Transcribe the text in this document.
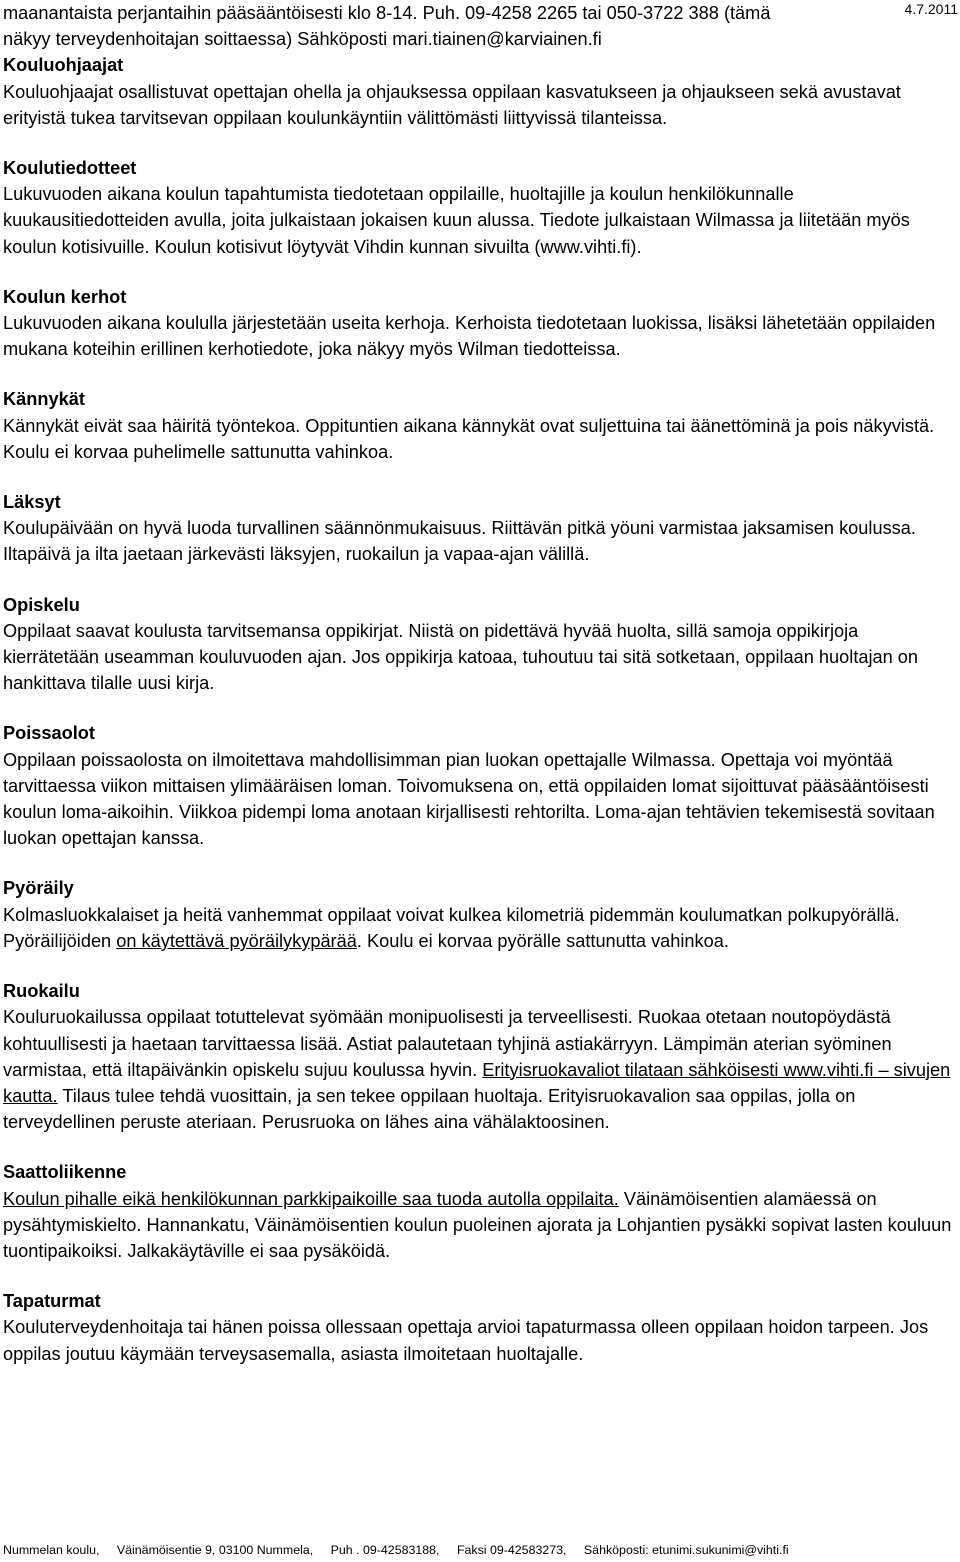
4.7.2011
maanantaista perjantaihin pääsääntöisesti klo 8-14. Puh. 09-4258 2265 tai 050-3722 388 (tämä
näkyy terveydenhoitajan soittaessa) Sähköposti mari.tiainen@karviainen.fi
Kouluohjaajat
Kouluohjaajat osallistuvat opettajan ohella ja ohjauksessa oppilaan kasvatukseen ja ohjaukseen sekä avustavat erityistä tukea tarvitsevan oppilaan koulunkäyntiin välittömästi liittyvissä tilanteissa.
Koulutiedotteet
Lukuvuoden aikana koulun tapahtumista tiedotetaan oppilaille, huoltajille ja koulun henkilökunnalle kuukausitiedotteiden avulla, joita julkaistaan jokaisen kuun alussa. Tiedote julkaistaan Wilmassa ja liitetään myös koulun kotisivuille. Koulun kotisivut löytyvät Vihdin kunnan sivuilta (www.vihti.fi).
Koulun kerhot
Lukuvuoden aikana koululla järjestetään useita kerhoja. Kerhoista tiedotetaan luokissa, lisäksi lähetetään oppilaiden mukana koteihin erillinen kerhotiedote, joka näkyy myös Wilman tiedotteissa.
Kännykät
Kännykät eivät saa häiritä työntekoa. Oppituntien aikana kännykät ovat suljettuina tai äänettöminä ja pois näkyvistä. Koulu ei korvaa puhelimelle sattunutta vahinkoa.
Läksyt
Koulupäivään on hyvä luoda turvallinen säännönmukaisuus. Riittävän pitkä yöuni varmistaa jaksamisen koulussa. Iltapäivä ja ilta jaetaan järkevästi läksyjen, ruokailun ja vapaa-ajan välillä.
Opiskelu
Oppilaat saavat koulusta tarvitsemansa oppikirjat. Niistä on pidettävä hyvää huolta, sillä samoja oppikirjoja kierrätetään useamman kouluvuoden ajan. Jos oppikirja katoaa, tuhoutuu tai sitä sotketaan, oppilaan huoltajan on hankittava tilalle uusi kirja.
Poissaolot
Oppilaan poissaolosta on ilmoitettava mahdollisimman pian luokan opettajalle Wilmassa. Opettaja voi myöntää tarvittaessa viikon mittaisen ylimääräisen loman. Toivomuksena on, että oppilaiden lomat sijoittuvat pääsääntöisesti koulun loma-aikoihin. Viikkoa pidempi loma anotaan kirjallisesti rehtorilta. Loma-ajan tehtävien tekemisestä sovitaan luokan opettajan kanssa.
Pyöräily
Kolmasluokkalaiset ja heitä vanhemmat oppilaat voivat kulkea kilometriä pidemmän koulumatkan polkupyörällä. Pyöräilijöiden on käytettävä pyöräilykypärää. Koulu ei korvaa pyörälle sattunutta vahinkoa.
Ruokailu
Kouluruokailussa oppilaat totuttelevat syömään monipuolisesti ja terveellisesti. Ruokaa otetaan noutopöydästä kohtuullisesti ja haetaan tarvittaessa lisää. Astiat palautetaan tyhjinä astiakärryyn. Lämpimän aterian syöminen varmistaa, että iltapäivänkin opiskelu sujuu koulussa hyvin. Erityisruokavaliot tilataan sähköisesti www.vihti.fi – sivujen kautta. Tilaus tulee tehdä vuosittain, ja sen tekee oppilaan huoltaja. Erityisruokavalion saa oppilas, jolla on terveydellinen peruste ateriaan. Perusruoka on lähes aina vähälaktoosinen.
Saattoliikenne
Koulun pihalle eikä henkilökunnan parkkipaikoille saa tuoda autolla oppilaita. Väinämöisentien alamäessä on pysähtymiskielto. Hannankatu, Väinämöisentien koulun puoleinen ajorata ja Lohjantien pysäkki sopivat lasten kouluun tuontipaikoiksi. Jalkakäytäville ei saa pysäköidä.
Tapaturmat
Kouluterveydenhoitaja tai hänen poissa ollessaan opettaja arvioi tapaturmassa olleen oppilaan hoidon tarpeen. Jos oppilas joutuu käymään terveysasemalla, asiasta ilmoitetaan huoltajalle.
Nummelan koulu, Väinämöisentie 9, 03100 Nummela, Puh . 09-42583188, Faksi 09-42583273, Sähköposti: etunimi.sukunimi@vihti.fi
